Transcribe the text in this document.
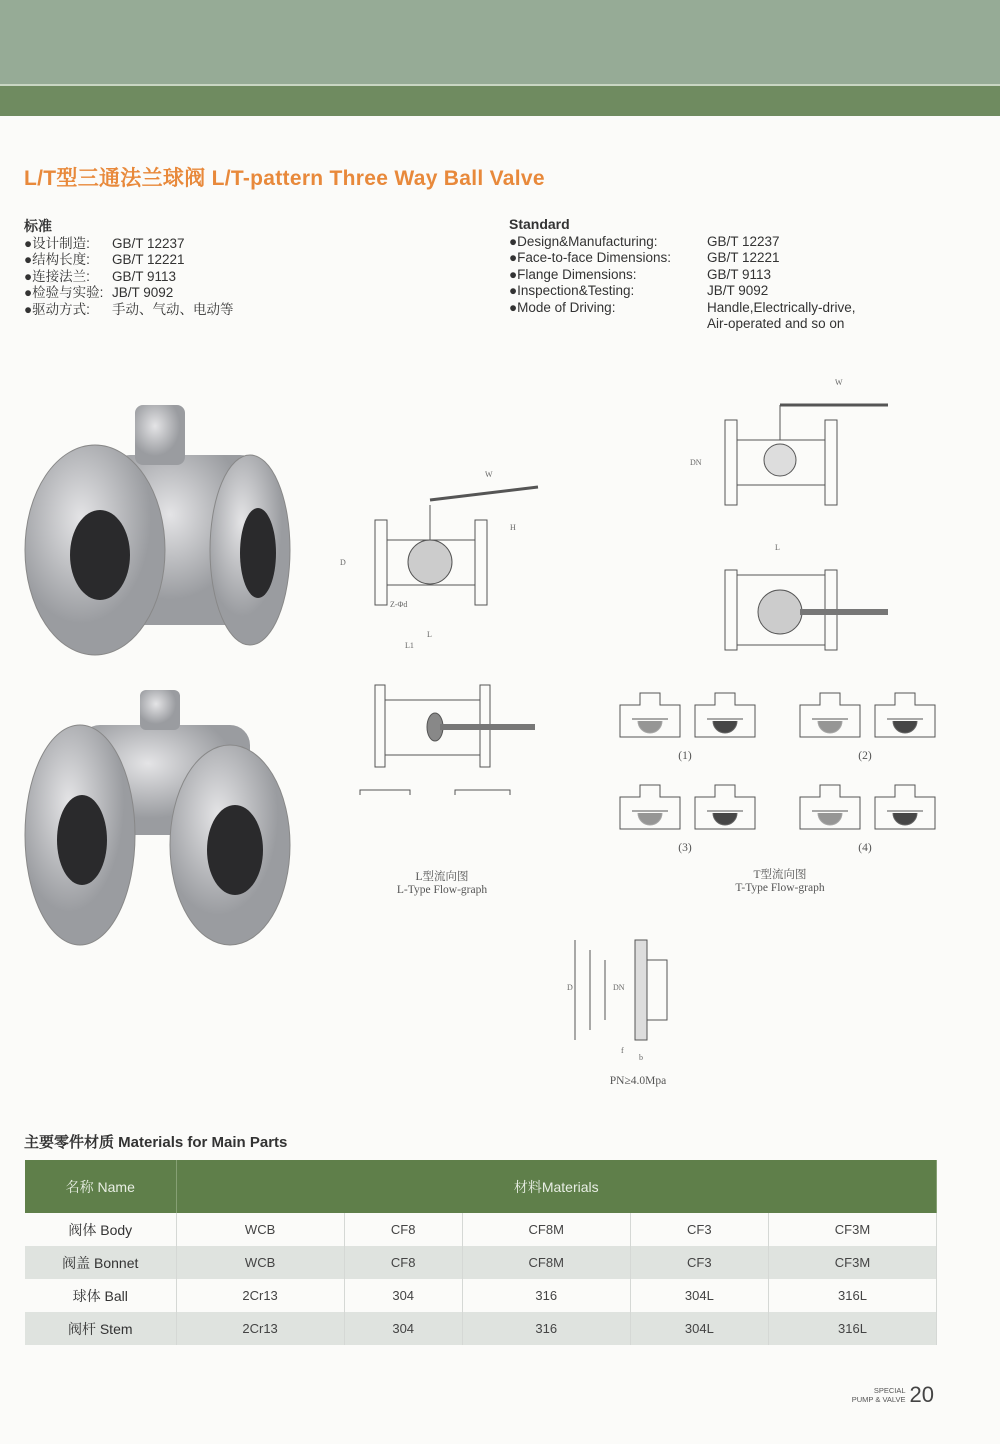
L/T型三通法兰球阀 L/T-pattern Three Way Ball Valve
标准
●设计制造:	GB/T 12237
●结构长度:	GB/T 12221
●连接法兰:	GB/T 9113
●检验与实验: JB/T 9092
●驱动方式:	手动、气动、电动等
Standard
●Design&Manufacturing:	GB/T 12237
●Face-to-face Dimensions:	GB/T 12221
●Flange Dimensions:	GB/T 9113
●Inspection&Testing:	JB/T 9092
●Mode of Driving:	Handle,Electrically-drive,
Air-operated and so on
W
H
D
Z-Φd
L
L1
L型流向图
L-Type Flow-graph
W
DN
L
(1)	(2)
(3)	(4)
T型流向图
T-Type Flow-graph
D	DN
f
b
PN≥4.0Mpa
主要零件材质 Materials for Main Parts
名称 Name	材料Materials				
阀体 Body	WCB	CF8	CF8M	CF3	CF3M
阀盖 Bonnet	WCB	CF8	CF8M	CF3	CF3M
球体 Ball	2Cr13	304	316	304L	316L
阀杆 Stem	2Cr13	304	316	304L	316L
SPECIAL
PUMP & VALVE 20
